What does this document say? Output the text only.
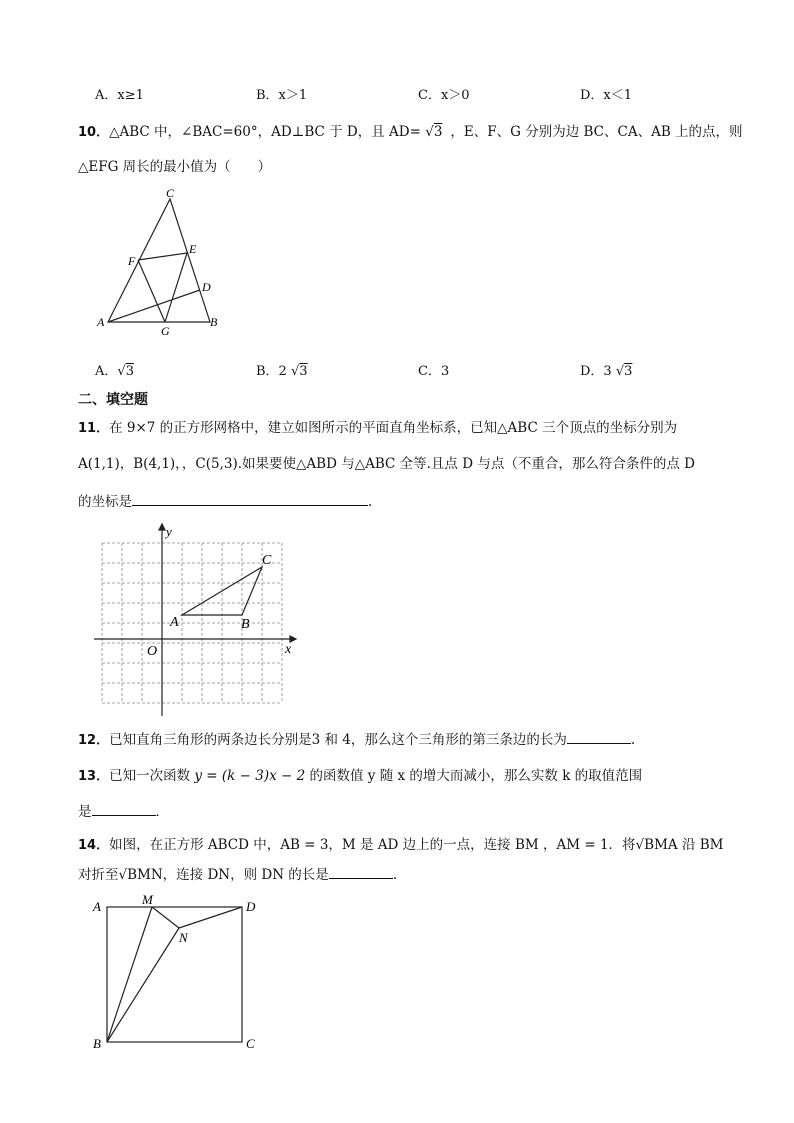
A．x≥1	B．x＞1	C．x＞0	D．x＜1
10．△ABC 中，∠BAC=60°，AD⊥BC 于 D，且 AD= √3 ，E、F、G 分别为边 BC、CA、AB 上的点，则
△EFG 周长的最小值为（　　）
C
E
F
D
A
G
B
A．√3	B．2 √3	C．3	D．3 √3
二、填空题
11．在 9×7 的正方形网格中，建立如图所示的平面直角坐标系，已知△ABC 三个顶点的坐标分别为
A(1,1)，B(4,1)，，C(5,3).如果要使△ABD 与△ABC 全等.且点 D 与点（不重合，那么符合条件的点 D
的坐标是	.
y
C
A	B
O	x
12．已知直角三角形的两条边长分别是3 和 4，那么这个三角形的第三条边的长为	.
13．已知一次函数 y = (k − 3)x − 2 的函数值 y 随 x 的增大而减小，那么实数 k 的取值范围
是	．
14．如图，在正方形 ABCD 中，AB = 3，M 是 AD 边上的一点，连接 BM ，AM = 1．将√BMA 沿 BM
对折至√BMN，连接 DN，则 DN 的长是	．
A	M	D
N
B	C
